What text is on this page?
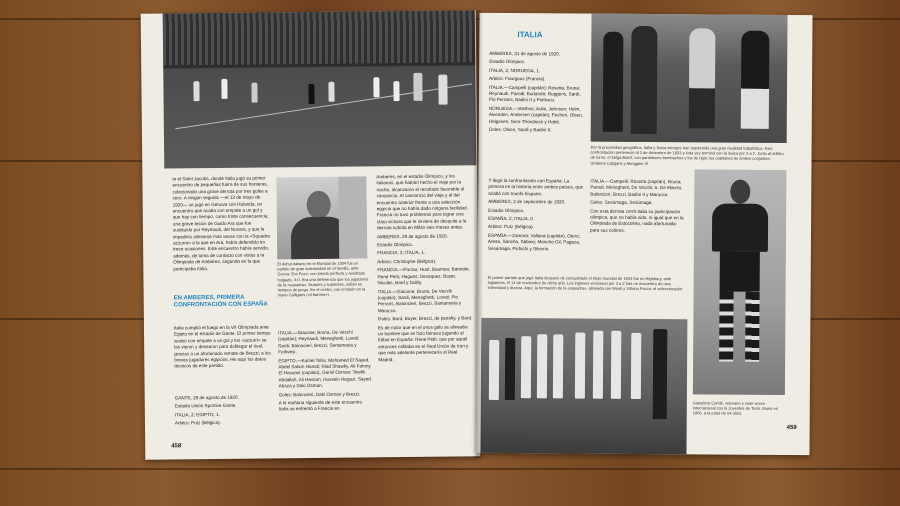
te el Saint Jacobs, donde Italia jugó su primer encuentro de pequeñas fuera de sus fronteras, colecionado una grave derrota por tres goles a cero. A ningún seguido —el 13 de mayo de 1920— se jugó en Génova con Holanda, un encuentro que acaba con empate a un gol y que hay con tiempo, como triste consecuencia, una grave lesión de Guido Ara que fue sustituido por Reynaudi, del Novara, y que le impediría alinearse más veces con la «Squadra azzurra» a la que en Ara, había defendido en trece ocasiones. Este encuentro había servido, además, de toma de contacto con vistas a la Olimpiada de Amberes, segunda en la que participaba Italia.
EN AMBERES, PRIMERA CONFRONTACIÓN CON ESPAÑA
Italia cumplió el fuego en la VII Olimpiada ante Egipto en el estadio de Gante. El primer tiempo acabó con empate a un gol y los «azzurri» se las vieron y desearon para doblegar el rival, gracias a un afortunado remate de Brezzi; a los breves jugadores egipcios. He aquí los datos técnicos de este partido.

GANTE, 28 de agosto de 1920.

Estadio Unión Sportive Gante.

ITALIA, 2; EGIPTO, 1.

Arbitro: Putz (Bélgica).

El debut italiano en el Mundial de 1934 fue un partido de gran solemnidad en el Sevilla, ante Grecia. Era Pozo, con pierda perfecta y resultado holgado, 4-0. Era una deferencia que los jugadores de la «squadra», titulares y suplentes, solían en tiempos de juego. En el centro, con el balón en la mano Calligaris («il barone»).

ITALIA.—Giacone; Bruna, De Vecchi (capitán); Reynaudi, Meneghetti, Lovati; Sardi, Baloncieri, Brezzi, Santamaria y Forlivesi.

EGIPTO.—Kamel Taha; Mohamed El Sayed, Abdel Salam Hamdi; Riad Shawky, Ali Fahmy El Hassani (capitán), Gamil Osman; Tewfik Abdallah, Ali Hassan, Hussein Hegazi, Sayed Abaza y Daki Osman.

Goles: Baloncieri, Daki Osman y Brezzi.

A la mañana siguiente de este encuentro Italia se enfrentó a Francia en

Amberes, en el estadio Olímpico, y los italianos, que habían hecho el viaje por la noche, alcanzaron el resultado favorable al cansancio. Al cansancio del viaje y al del encuentro anterior frente a una selección egipcia que no había dado ninguna facilidad. Francia no tuvo problemas para lograr una clara victoria que le sirviera de desquite a la derrota sufrida en Milán seis meses antes.

AMBERES, 29 de agosto de 1920.

Estadio Olímpico.

FRANCIA, 3; ITALIA, 1.

Arbitro: Christophe (Bélgica).

FRANCIA.—Parrau; Huot, Bauman; Batmale, René Petit, Hugues; Devaquez, Boyer, Nicolás, Bard y Dubly.

ITALIA.—Giacone; Bruna, De Vecchi (capitán); Sardi, Meneghetti, Lovati; Pio Ferraris, Baloncieri, Brezzi, Santamaria y Marucco.

Goles: Bard, Boyer, Brezzi, de penalty, y Bard.

Es de notar que en el once galo se alineaba un hombre que se hizo famoso jugando al fútbol en España: René Petit, que por aquel entonces militaba en el Real Unión de Irún y que más adelante pertenecería al Real Madrid.

458
ITALIA

AMBERES, 31 de agosto de 1920.

Estadio Olímpico.

ITALIA, 2; NORUEGA, 1.

Arbitro: Fourgous (Francia).

ITALIA.—Campelli (capitán); Rosetta, Bruna; Reynaudi, Parodi, Burlando; Ruggeris, Sardi, Pio Ferraris, Badini II y Forlivesi.

NORUEGA.—Wathne; Aulie, Johnsen; Helm, Alvenden, Andersen (capitán); Pecheri, Olsen, Helgesen, Sem-Thorsbeck y Hobé.

Goles: Olsen, Sardi y Badini II.

Por la proximidad geográfica, Italia y Suiza siempre han mantenido una gran rivalidad futbolística. Este confrontación perteneció al 2 de diciembre de 1933 y ésta vez terminó con la Suiza por 3 a 2. Junto al árbitro de turno, el belga Baert, con pantalones bombachos y los de rigor, los capitanes de ambos conjuntos: Umberto Caligaris y Abegglen III.

Y llegó la confrontación con España. La primera en la historia entre ambos países, que acabó con triunfo hispano.

AMBERES, 2 de septiembre de 1920.

Estadio Olímpico.

ESPAÑA, 2; ITALIA, 0.

Arbitro: Putz (Bélgica).

ESPAÑA.—Zamora; Vallana (capitán), Otero; Arleta, Sancho, Sabino; Moncho Gil, Pagaza, Sesúmaga, Pichichi y Silverio.

ITALIA.—Campelli; Rosetta (capitán), Bruna; Parodi, Meneghetti, De Vecchi; A. De Marchi, Baloncieri, Brezzi, Badini II y Marucco.

Goles: Sesúmaga, Sesúmaga.

Con esta derrota cerró Italia su participación olímpica, que no había sido, ni igual que en la Olimpiada de Estocolmo, nada afortunada para sus colores.

El primer partido que jugó Italia después de conquistado el título mundial de 1934 fue en Highbury, ante Inglaterra, el 14 de noviembre de dicho año. Los ingleses vencieron por 3 a 2 tras un encuentro de rara intensidad y dureza. Aquí, la formación de la «squadra», alineada con Monti y Vittorio Pozzo, el seleccionador.
Gianpiero Combi, veterano y siete veces internacional con la Juventus de Turín. Murió en 1956, a la edad de 54 años.
459
